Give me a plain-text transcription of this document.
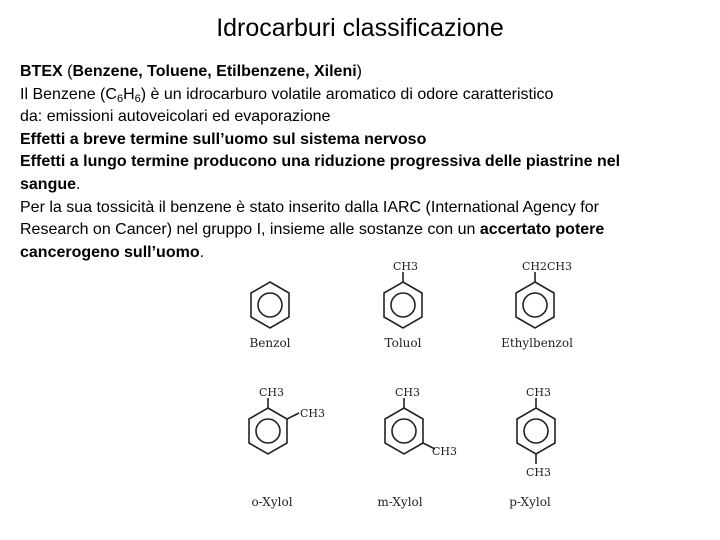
Idrocarburi classificazione
BTEX (Benzene, Toluene, Etilbenzene, Xileni)
Il Benzene $(C_6H_6)$ è un idrocarburo volatile aromatico di odore caratteristico
da: emissioni autoveicolari ed evaporazione
Effetti a breve termine sull’uomo sul sistema nervoso
Effetti a lungo termine producono una riduzione progressiva delle piastrine nel
sangue.
Per la sua tossicità il benzene è stato inserito dalla IARC (International Agency for
Research on Cancer) nel gruppo I, insieme alle sostanze con un accertato potere
cancerogeno sull’uomo.
CH3	CH2CH3
CH3
CH3
CH3
CH3
CH3
CH3
Benzol	Toluol	Ethylbenzol
o-Xylol	m-Xylol	p-Xylol
